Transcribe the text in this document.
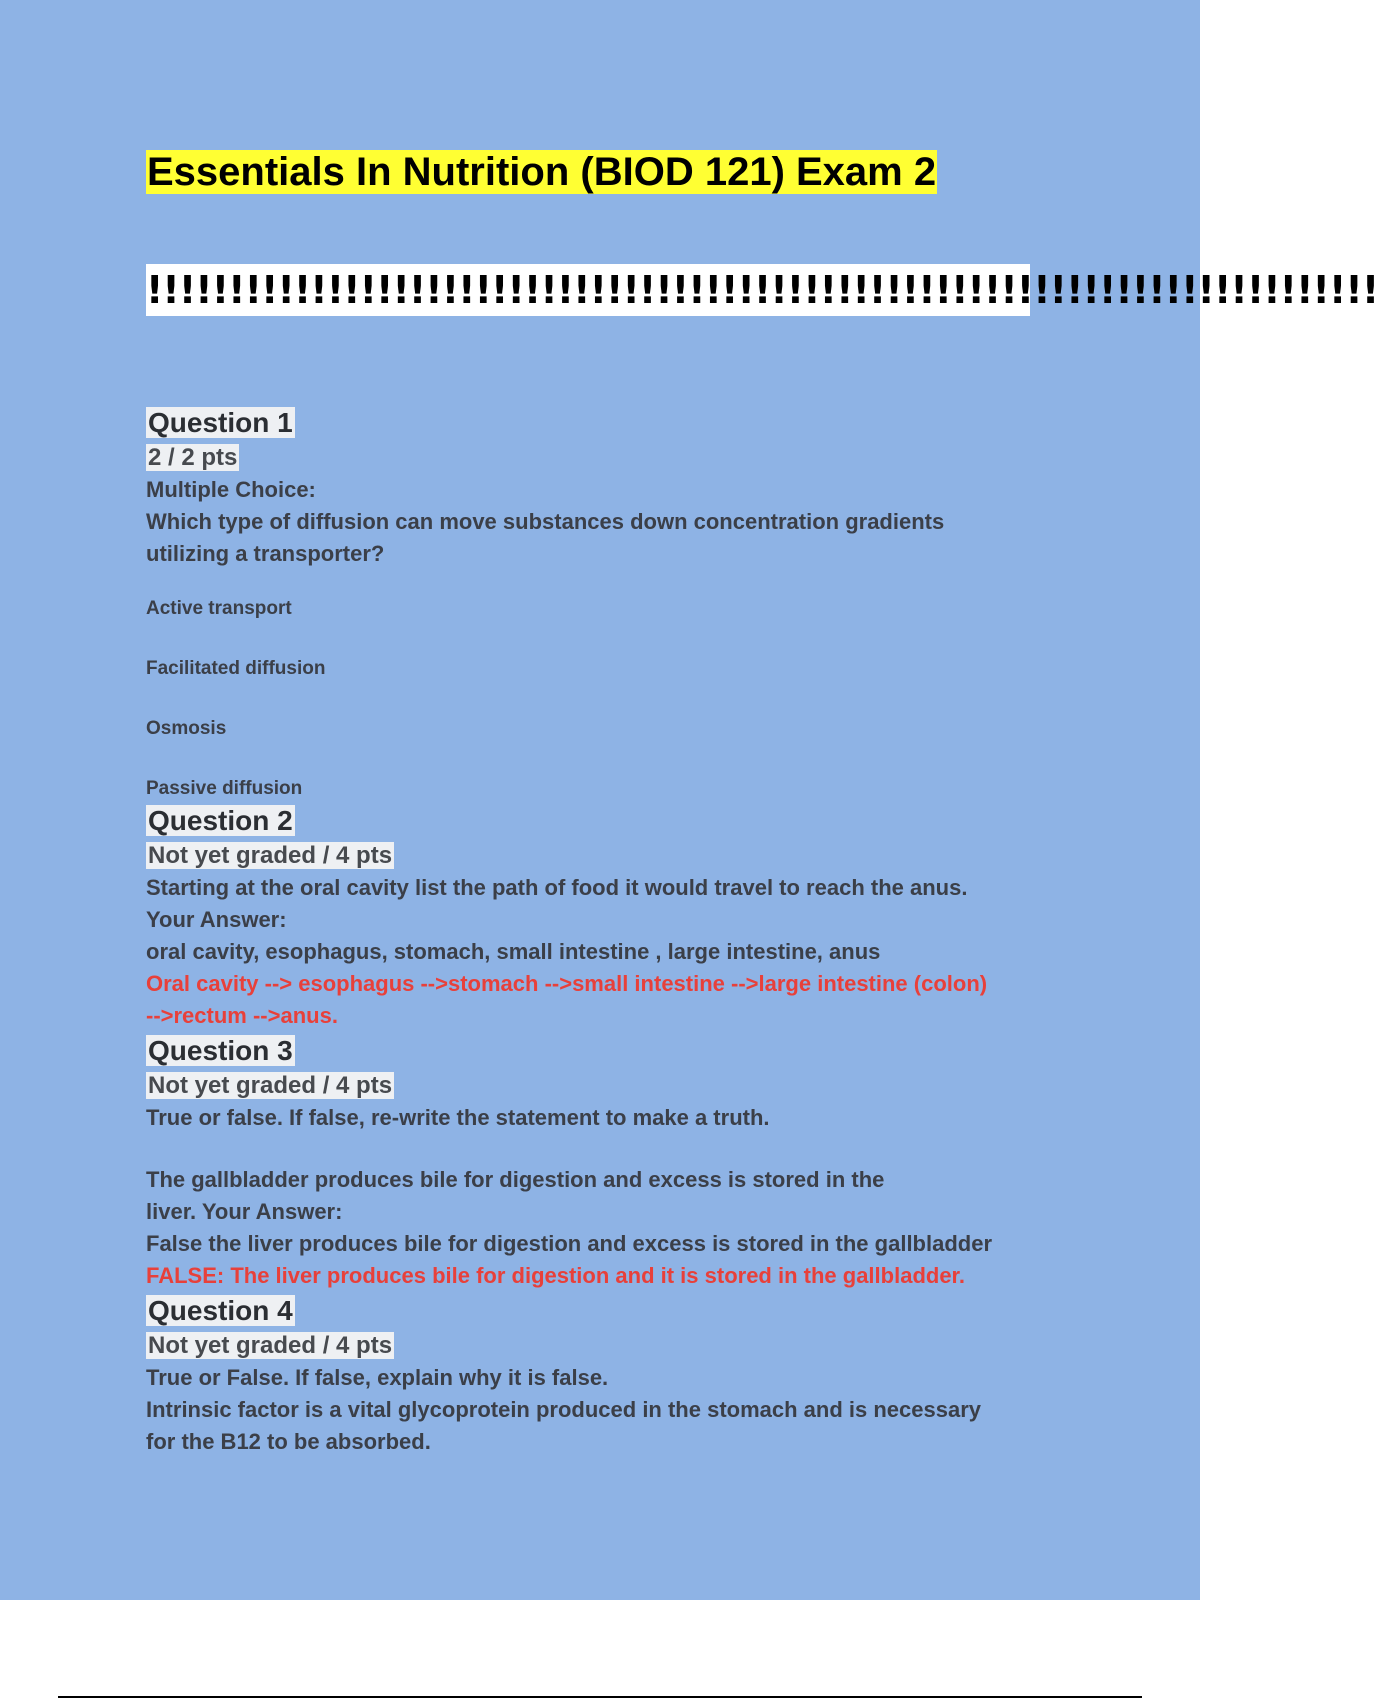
Essentials In Nutrition (BIOD 121) Exam 2
!!!!!!!!!!!!!!!!!!!!!!!!!!!!!!!!!!!!!!!!!!!!!!!!!!!!!!!!!!!!!!!!!!!!!!!!!!!

Question 1

2 / 2 pts

Multiple Choice:

Which type of diffusion can move substances down concentration gradients

utilizing a transporter?

Active transport
Facilitated diffusion
Osmosis
Passive diffusion

Question 2

Not yet graded / 4 pts

Starting at the oral cavity list the path of food it would travel to reach the anus.

Your Answer:

oral cavity, esophagus, stomach, small intestine , large intestine, anus

Oral cavity --> esophagus -->stomach -->small intestine -->large intestine (colon)

-->rectum -->anus.

Question 3

Not yet graded / 4 pts

True or false. If false, re-write the statement to make a truth.

The gallbladder produces bile for digestion and excess is stored in the

liver. Your Answer:

False the liver produces bile for digestion and excess is stored in the gallbladder

FALSE: The liver produces bile for digestion and it is stored in the gallbladder.

Question 4

Not yet graded / 4 pts

True or False. If false, explain why it is false.

Intrinsic factor is a vital glycoprotein produced in the stomach and is necessary

for the B12 to be absorbed.
